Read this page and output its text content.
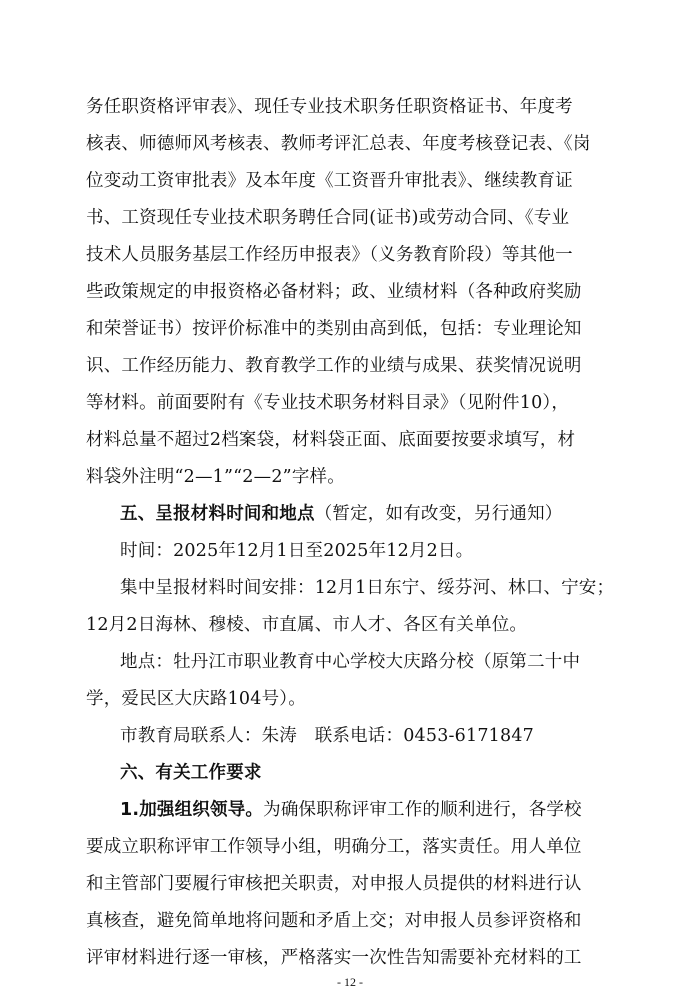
务任职资格评审表》、现任专业技术职务任职资格证书、年度考
核表、师德师风考核表、教师考评汇总表、年度考核登记表、《岗
位变动工资审批表》及本年度《工资晋升审批表》、继续教育证
书、工资现任专业技术职务聘任合同(证书)或劳动合同、《专业
技术人员服务基层工作经历申报表》（义务教育阶段）等其他一
些政策规定的申报资格必备材料；政、业绩材料（各种政府奖励
和荣誉证书）按评价标准中的类别由高到低，包括：专业理论知
识、工作经历能力、教育教学工作的业绩与成果、获奖情况说明
等材料。前面要附有《专业技术职务材料目录》（见附件10），
材料总量不超过2档案袋，材料袋正面、底面要按要求填写，材
料袋外注明“2—1”“2—2”字样。
五、呈报材料时间和地点（暂定，如有改变，另行通知）
时间：2025年12月1日至2025年12月2日。
集中呈报材料时间安排：12月1日东宁、绥芬河、林口、宁安；
12月2日海林、穆棱、市直属、市人才、各区有关单位。
地点：牡丹江市职业教育中心学校大庆路分校（原第二十中
学，爱民区大庆路104号）。
市教育局联系人：朱涛　联系电话：0453-6171847
六、有关工作要求
1.加强组织领导。为确保职称评审工作的顺利进行，各学校
要成立职称评审工作领导小组，明确分工，落实责任。用人单位
和主管部门要履行审核把关职责，对申报人员提供的材料进行认
真核查，避免简单地将问题和矛盾上交；对申报人员参评资格和
评审材料进行逐一审核，严格落实一次性告知需要补充材料的工
- 12 -
